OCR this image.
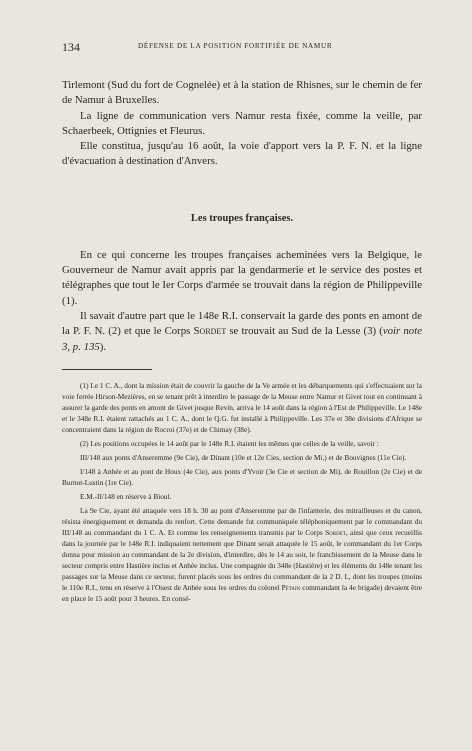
134	DÉFENSE DE LA POSITION FORTIFIÉE DE NAMUR

Tirlemont (Sud du fort de Cognelée) et à la station de Rhisnes, sur le chemin de fer de Namur à Bruxelles.

La ligne de communication vers Namur resta fixée, comme la veille, par Schaerbeek, Ottignies et Fleurus.

Elle constitua, jusqu'au 16 août, la voie d'apport vers la P. F. N. et la ligne d'évacuation à destination d'Anvers.

Les troupes françaises.

En ce qui concerne les troupes françaises acheminées vers la Belgique, le Gouverneur de Namur avait appris par la gendarmerie et le service des postes et télégraphes que tout le Ier Corps d'armée se trouvait dans la région de Philippeville (1).

Il savait d'autre part que le 148e R.I. conservait la garde des ponts en amont de la P. F. N. (2) et que le Corps Sordet se trouvait au Sud de la Lesse (3) (voir note 3, p. 135).

(1) Le 1 C. A., dont la mission était de couvrir la gauche de la Ve armée et les débarquements qui s'effectuaient sur la voie ferrée Hirson-Mezières, en se tenant prêt à interdire le passage de la Meuse entre Namur et Givet tout en continuant à assurer la garde des ponts en amont de Givet jusque Revin, arriva le 14 août dans la région à l'Est de Philippeville. Le 148e et le 348e R.I. étaient rattachés au 1 C. A., dont le Q.G. fut installé à Philippeville. Les 37e et 38e divisions d'Afrique se concentraient dans la région de Rocroi (37e) et de Chimay (38e).

(2) Les positions occupées le 14 août par le 148e R.I. étaient les mêmes que celles de la veille, savoir :

III/148 aux ponts d'Anseremme (9e Cie), de Dinant (10e et 12e Cies, section de Mi.) et de Bouvignes (11e Cie).

I/148 à Anhée et au pont de Houx (4e Cie), aux ponts d'Yvoir (3e Cie et section de Mi), de Rouillon (2e Cie) et de Burnot-Lustin (1re Cie).

E.M.-II/148 en réserve à Bioul.

La 9e Cie, ayant été attaquée vers 18 h. 30 au pont d'Anseremme par de l'infanterie, des mitrailleuses et du canon, résista énergiquement et demanda du renfort. Cette demande fut communiquée téléphoniquement par le commandant du III/148 au commandant du 1 C. A. Et comme les renseignements transmis par le Corps Sordet, ainsi que ceux recueillis dans la journée par le 148e R.I. indiquaient nettement que Dinant serait attaquée le 15 août, le commandant du 1er Corps donna pour mission au commandant de la 2e division, d'interdire, dès le 14 au soir, le franchissement de la Meuse dans le secteur compris entre Hastière inclus et Anhée inclus. Une compagnie du 348e (Hastière) et les éléments du 148e tenant les passages sur la Meuse dans ce secteur, furent placés sous les ordres du commandant de la 2 D. I., dont les troupes (moins le 110e R.I., tenu en réserve à l'Ouest de Anhée sous les ordres du colonel Pétain commandant la 4e brigade) devaient être en place le 15 août pour 3 heures. En consé-
